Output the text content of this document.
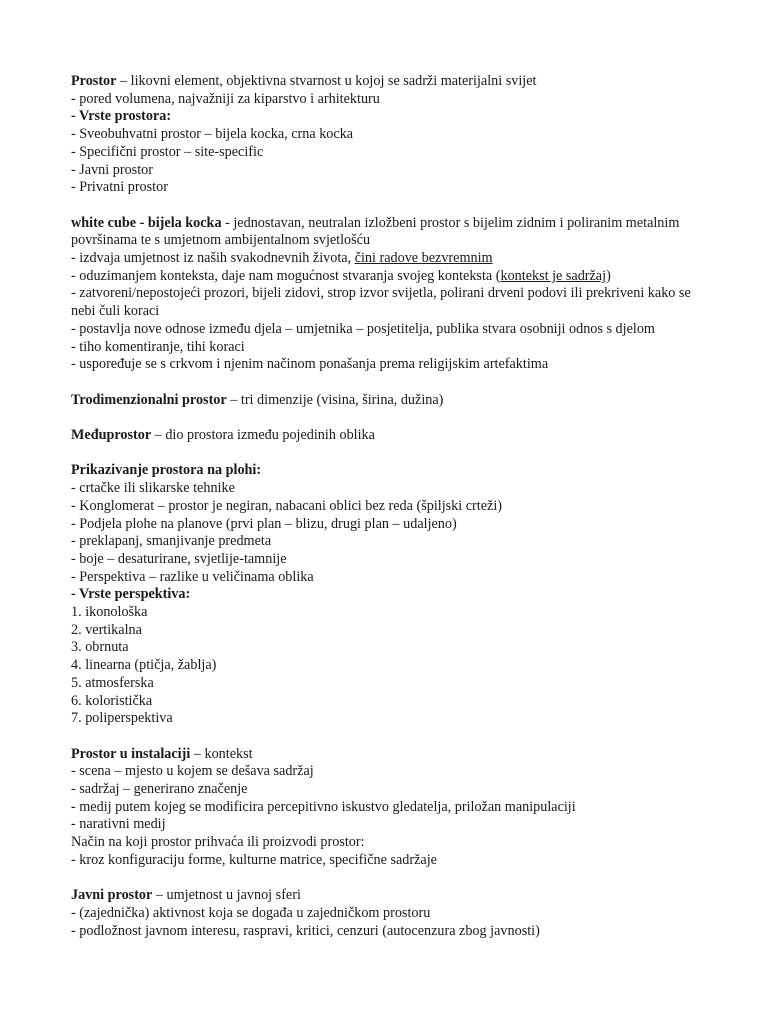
Prostor – likovni element, objektivna stvarnost u kojoj se sadrži materijalni svijet
- pored volumena, najvažniji za kiparstvo i arhitekturu
- Vrste prostora:
- Sveobuhvatni prostor – bijela kocka, crna kocka
- Specifični prostor – site-specific
- Javni prostor
- Privatni prostor
white cube - bijela kocka - jednostavan, neutralan izložbeni prostor s bijelim zidnim i poliranim metalnim površinama te s umjetnom ambijentalnom svjetlošću
- izdvaja umjetnost iz naših svakodnevnih života, čini radove bezvremnim
- oduzimanjem konteksta, daje nam mogućnost stvaranja svojeg konteksta (kontekst je sadržaj)
- zatvoreni/nepostojeći prozori, bijeli zidovi, strop izvor svijetla, polirani drveni podovi ili prekriveni kako se nebi čuli koraci
- postavlja nove odnose između djela – umjetnika – posjetitelja, publika stvara osobniji odnos s djelom
- tiho komentiranje, tihi koraci
- uspoređuje se s crkvom i njenim načinom ponašanja prema religijskim artefaktima
Trodimenzionalni prostor – tri dimenzije (visina, širina, dužina)
Međuprostor – dio prostora između pojedinih oblika
Prikazivanje prostora na plohi:
- crtačke ili slikarske tehnike
- Konglomerat – prostor je negiran, nabacani oblici bez reda (špiljski crteži)
- Podjela plohe na planove (prvi plan – blizu, drugi plan – udaljeno)
- preklapanj, smanjivanje predmeta
- boje – desaturirane, svjetlije-tamnije
- Perspektiva – razlike u veličinama oblika
- Vrste perspektiva:
1. ikonološka
2. vertikalna
3. obrnuta
4. linearna (ptičja, žablja)
5. atmosferska
6. koloristička
7. poliperspektiva
Prostor u instalaciji – kontekst
- scena – mjesto u kojem se dešava sadržaj
- sadržaj – generirano značenje
- medij putem kojeg se modificira percepitivno iskustvo gledatelja, priložan manipulaciji
- narativni medij
Način na koji prostor prihvaća ili proizvodi prostor:
- kroz konfiguraciju forme, kulturne matrice, specifične sadržaje
Javni prostor – umjetnost u javnoj sferi
- (zajednička) aktivnost koja se događa u zajedničkom prostoru
- podložnost javnom interesu, raspravi, kritici, cenzuri (autocenzura zbog javnosti)
